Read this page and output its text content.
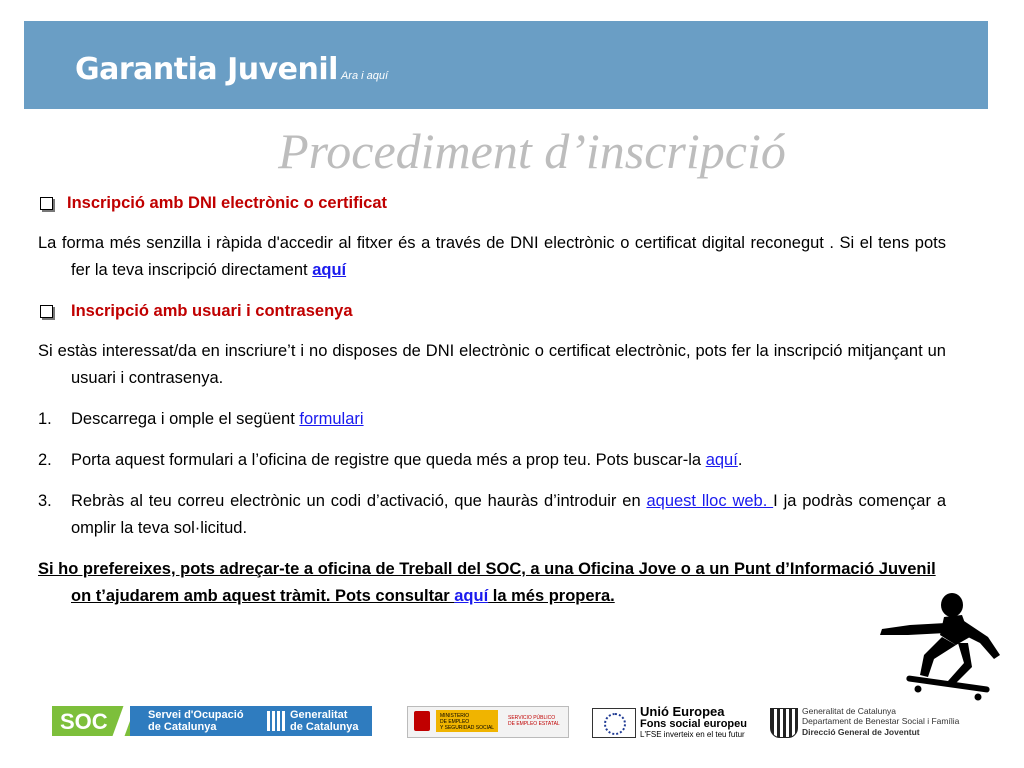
Garantia Juvenil Ara i aquí
Procediment d’inscripció
Inscripció amb DNI electrònic o certificat

La forma més senzilla i ràpida d'accedir al fitxer és a través de DNI electrònic o certificat digital reconegut . Si el tens pots fer la teva inscripció directament aquí

Inscripció amb usuari i contrasenya

Si estàs interessat/da en inscriure’t i no disposes de DNI electrònic o certificat electrònic, pots fer la inscripció mitjançant un usuari i contrasenya.

1.	Descarrega i omple el següent formulari
2.	Porta aquest formulari a l’oficina de registre que queda més a prop teu. Pots buscar-la aquí.
3.	Rebràs al teu correu electrònic un codi d’activació, que hauràs d’introduir en aquest lloc web. I ja podràs començar a omplir la teva sol·licitud.

Si ho prefereixes, pots adreçar-te a oficina de Treball del SOC, a una Oficina Jove o a un Punt d’Informació Juvenil on t’ajudarem amb aquest tràmit. Pots consultar aquí la més propera.

SOC	Servei d'Ocupació
de Catalunya
Generalitat
de Catalunya
MINISTERIO
DE EMPLEO
Y SEGURIDAD SOCIAL
SERVICIO PÚBLICO
DE EMPLEO ESTATAL
Unió Europea
Fons social europeu
L'FSE inverteix en el teu futur
Generalitat de Catalunya
Departament de Benestar Social i Família
Direcció General de Joventut
